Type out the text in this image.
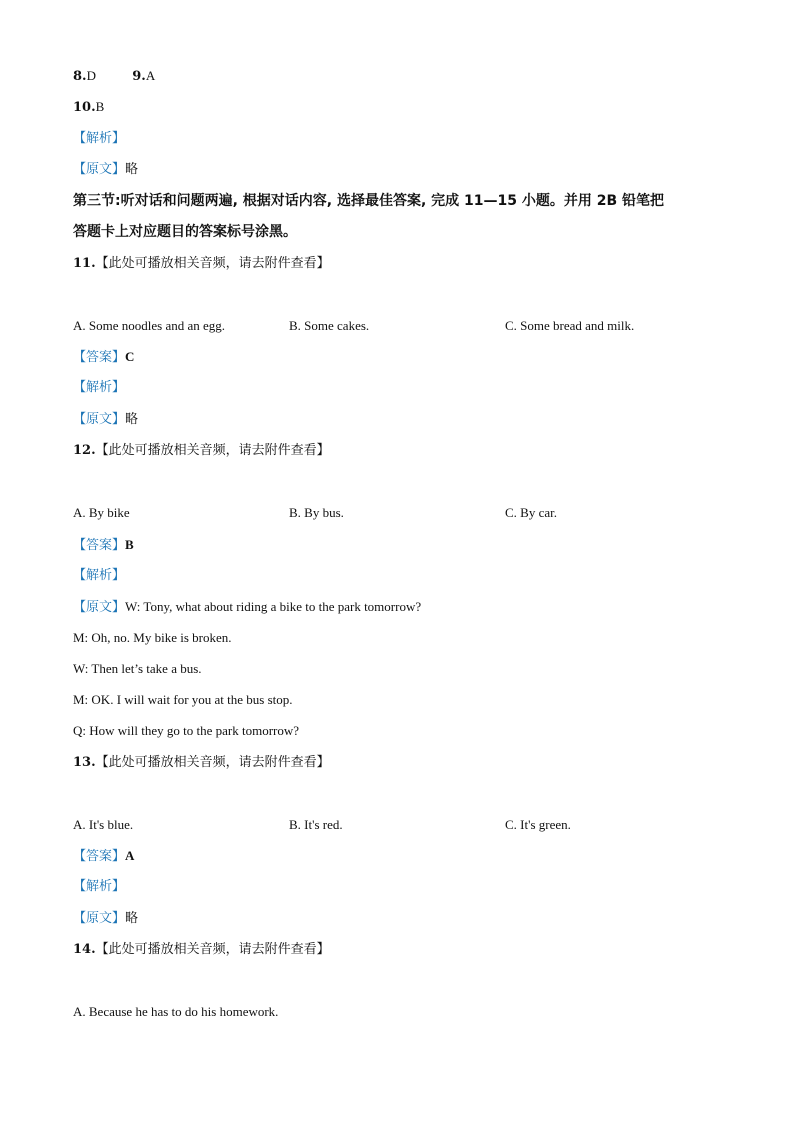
8.D	9.A
10.B
【解析】
【原文】略
第三节:听对话和问题两遍, 根据对话内容, 选择最佳答案, 完成 11—15 小题。并用 2B 铅笔把
答题卡上对应题目的答案标号涂黑。
11.【此处可播放相关音频，请去附件查看】
A. Some noodles and an egg.	B. Some cakes.	C. Some bread and milk.
【答案】C
【解析】
【原文】略
12.【此处可播放相关音频，请去附件查看】
A. By bike	B. By bus.	C. By car.
【答案】B
【解析】
【原文】W: Tony, what about riding a bike to the park tomorrow?
M: Oh, no. My bike is broken.
W: Then let’s take a bus.
M: OK. I will wait for you at the bus stop.
Q: How will they go to the park tomorrow?
13.【此处可播放相关音频，请去附件查看】
A. It's blue.	B. It's red.	C. It's green.
【答案】A
【解析】
【原文】略
14.【此处可播放相关音频，请去附件查看】
A. Because he has to do his homework.
